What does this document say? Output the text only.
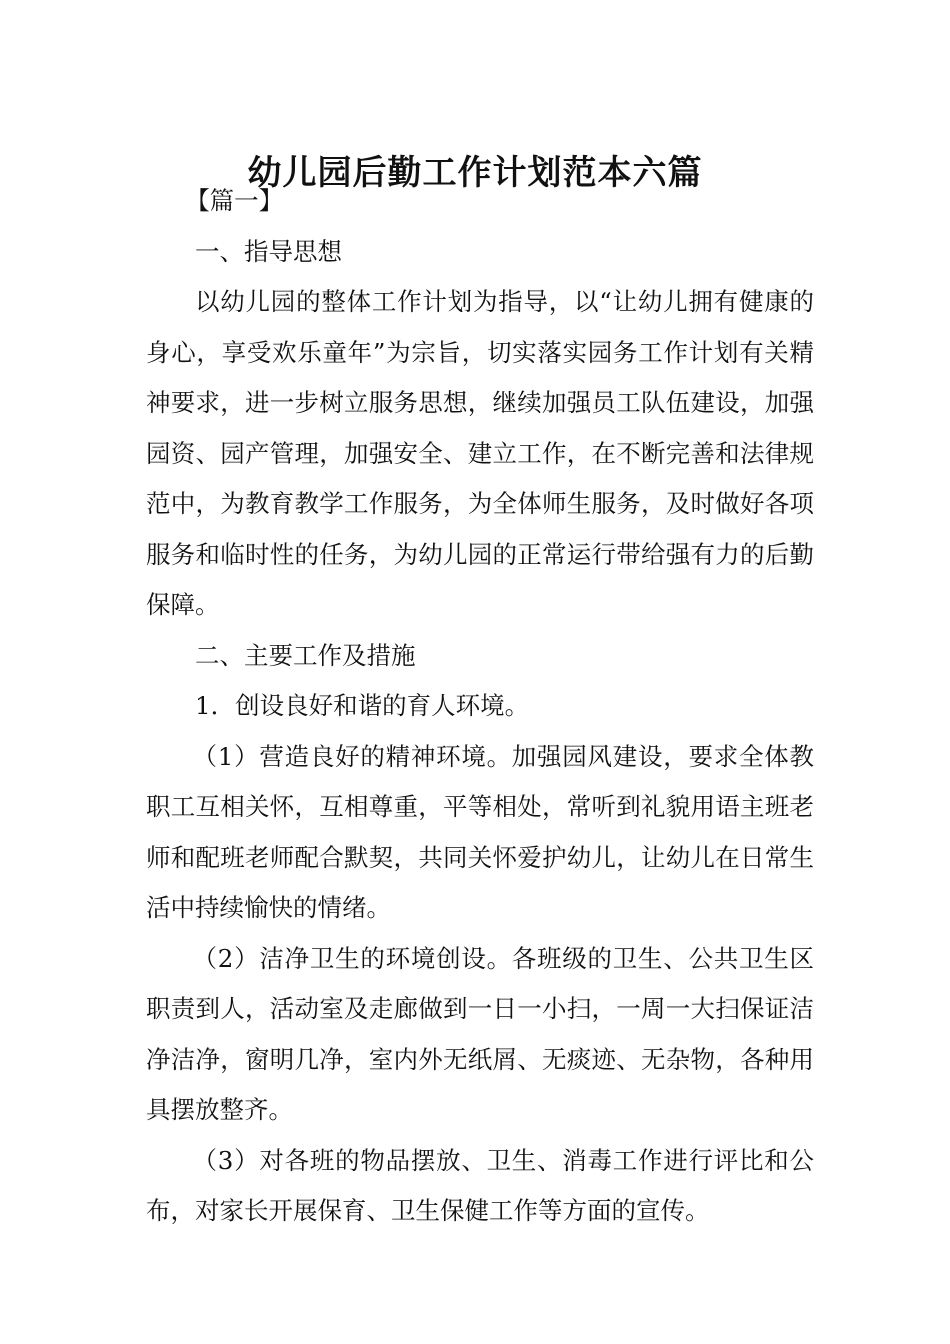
幼儿园后勤工作计划范本六篇

【篇一】

一、指导思想

以幼儿园的整体工作计划为指导，以“让幼儿拥有健康的身心，享受欢乐童年”为宗旨，切实落实园务工作计划有关精神要求，进一步树立服务思想，继续加强员工队伍建设，加强园资、园产管理，加强安全、建立工作，在不断完善和法律规范中，为教育教学工作服务，为全体师生服务，及时做好各项服务和临时性的任务，为幼儿园的正常运行带给强有力的后勤保障。

二、主要工作及措施

1．创设良好和谐的育人环境。

（1）营造良好的精神环境。加强园风建设，要求全体教职工互相关怀，互相尊重，平等相处，常听到礼貌用语主班老师和配班老师配合默契，共同关怀爱护幼儿，让幼儿在日常生活中持续愉快的情绪。

（2）洁净卫生的环境创设。各班级的卫生、公共卫生区职责到人，活动室及走廊做到一日一小扫，一周一大扫保证洁净洁净，窗明几净，室内外无纸屑、无痰迹、无杂物，各种用具摆放整齐。

（3）对各班的物品摆放、卫生、消毒工作进行评比和公布，对家长开展保育、卫生保健工作等方面的宣传。
